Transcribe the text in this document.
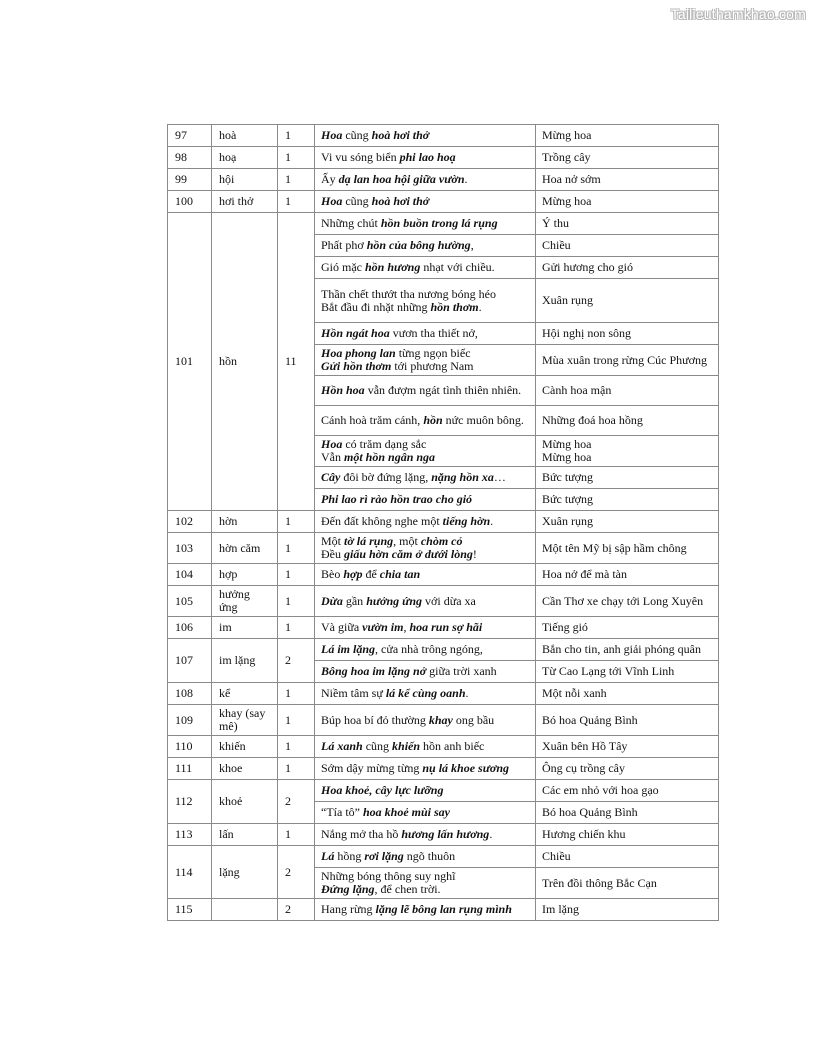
Tailieuthamkhao.com
97	hoà	1	Hoa cũng hoà hơi thở	Mừng hoa

98	hoạ	1	Vi vu sóng biển phi lao hoạ	Trồng cây

99	hội	1	Ấy dạ lan hoa hội giữa vườn.	Hoa nở sớm

100	hơi thở	1	Hoa cũng hoà hơi thở	Mừng hoa

101	hồn	11	Những chút hồn buồn trong lá rụng	Ý thu

			Phất phơ hồn của bông hường,	Chiều

			Gió mặc hồn hương nhạt với chiều.	Gửi hương cho gió

			Thần chết thướt tha nương bóng héo
Bắt đầu đi nhặt những hồn thơm.	Xuân rụng

			Hồn ngát hoa vươn tha thiết nở,	Hội nghị non sông

			Hoa phong lan từng ngọn biếc
Gửi hồn thơm tới phương Nam	Mùa xuân trong rừng Cúc Phương

			Hồn hoa vẫn đượm ngát tình thiên nhiên.	Cành hoa mận

			Cánh hoà trăm cánh, hồn nức muôn bông.	Những đoá hoa hồng

			Hoa có trăm dạng sắc
Vẫn một hồn ngân nga	Mừng hoa
Mừng hoa

			Cây đôi bờ đứng lặng, nặng hồn xa…	Bức tượng

			Phi lao rì rào hồn trao cho gió	Bức tượng

102	hờn	1	Đến đất không nghe một tiếng hờn.	Xuân rụng

103	hờn căm	1	Một tờ lá rụng, một chòm cỏ
Đều giấu hờn căm ở dưới lòng!	Một tên Mỹ bị sập hầm chông

104	hợp	1	Bèo hợp để chia tan	Hoa nở để mà tàn

105	hưởng ứng	1	Dừa gần hưởng ứng với dừa xa	Cần Thơ xe chạy tới Long Xuyên

106	im	1	Và giữa vườn im, hoa run sợ hãi	Tiếng gió

107	im lặng	2	Lá im lặng, cửa nhà trông ngóng,	Bắn cho tin, anh giải phóng quân

			Bông hoa im lặng nở giữa trời xanh	Từ Cao Lạng tới Vĩnh Linh

108	kể	1	Niềm tâm sự lá kể cùng oanh.	Một nỗi xanh

109	khay (say mê)	1	Búp hoa bí đỏ thường khay ong bầu	Bó hoa Quảng Bình

110	khiến	1	Lá xanh cũng khiến hồn anh biếc	Xuân bên Hồ Tây

111	khoe	1	Sớm dậy mừng từng nụ lá khoe sương	Ông cụ trồng cây

112	khoẻ	2	Hoa khoẻ, cây lực lưỡng	Các em nhỏ với hoa gạo

			“Tía tô” hoa khoẻ mùi say	Bó hoa Quảng Bình

113	lấn	1	Nắng mở tha hồ hương lấn hương.	Hương chiến khu

114	lặng	2	Lá hồng rơi lặng ngõ thuôn	Chiều

			Những bóng thông suy nghĩ
Đứng lặng, để chen trời.	Trên đồi thông Bắc Cạn

115		2	Hang rừng lặng lẽ bông lan rụng mình	Im lặng
